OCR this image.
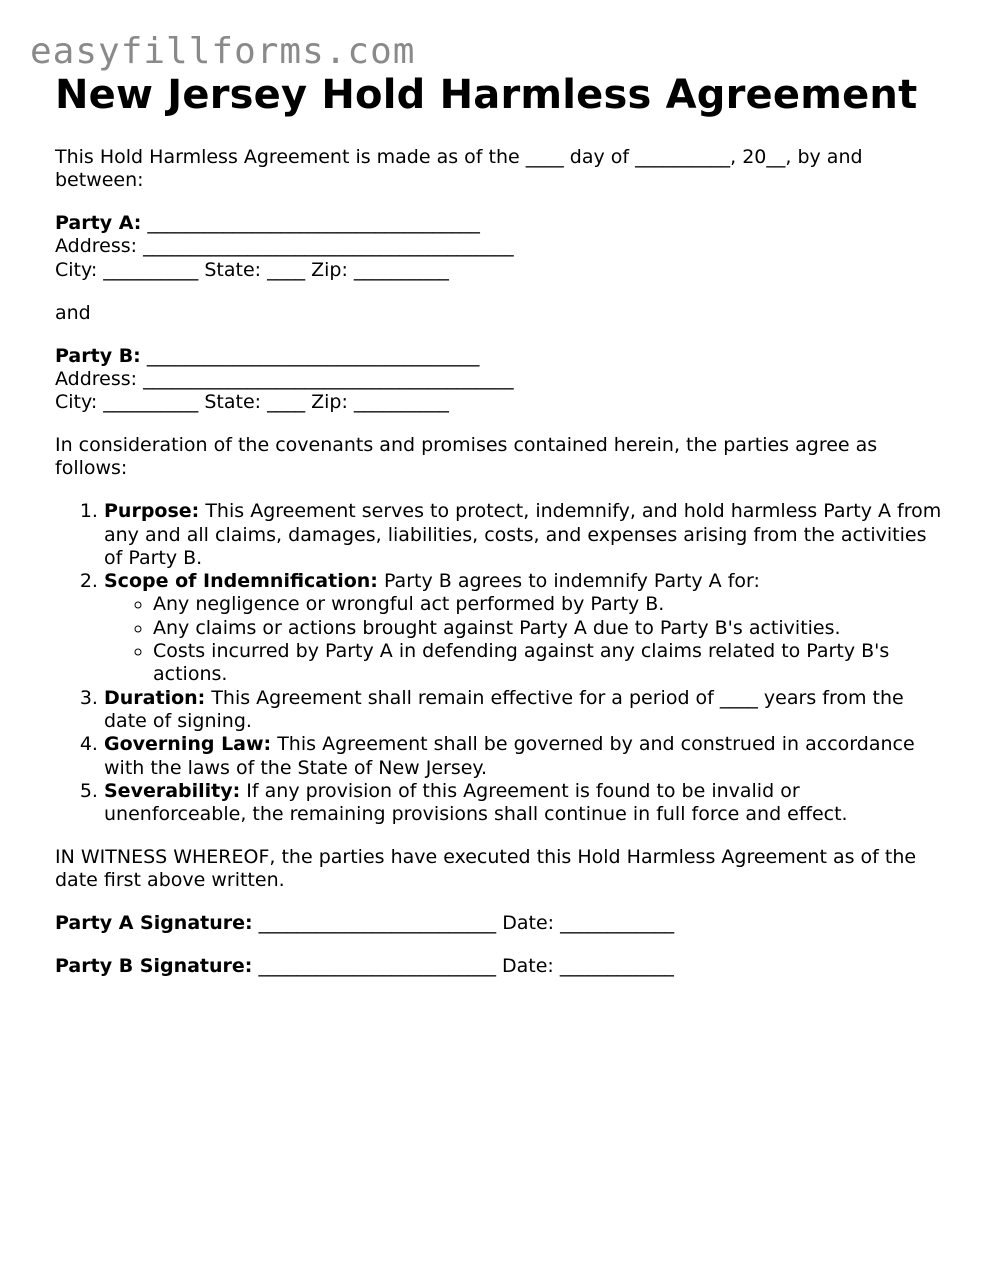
easyfillforms.com
New Jersey Hold Harmless Agreement

This Hold Harmless Agreement is made as of the ____ day of __________, 20__, by and between:

Party A: ___________________________________
Address: _______________________________________
City: __________ State: ____ Zip: __________

and

Party B: ___________________________________
Address: _______________________________________
City: __________ State: ____ Zip: __________

In consideration of the covenants and promises contained herein, the parties agree as follows:

1. Purpose: This Agreement serves to protect, indemnify, and hold harmless Party A from any and all claims, damages, liabilities, costs, and expenses arising from the activities of Party B.
2. Scope of Indemnification: Party B agrees to indemnify Party A for:
◦ Any negligence or wrongful act performed by Party B.
◦ Any claims or actions brought against Party A due to Party B's activities.
◦ Costs incurred by Party A in defending against any claims related to Party B's actions.
3. Duration: This Agreement shall remain effective for a period of ____ years from the date of signing.
4. Governing Law: This Agreement shall be governed by and construed in accordance with the laws of the State of New Jersey.
5. Severability: If any provision of this Agreement is found to be invalid or unenforceable, the remaining provisions shall continue in full force and effect.

IN WITNESS WHEREOF, the parties have executed this Hold Harmless Agreement as of the date first above written.

Party A Signature: _________________________ Date: ____________
Party B Signature: _________________________ Date: ____________
